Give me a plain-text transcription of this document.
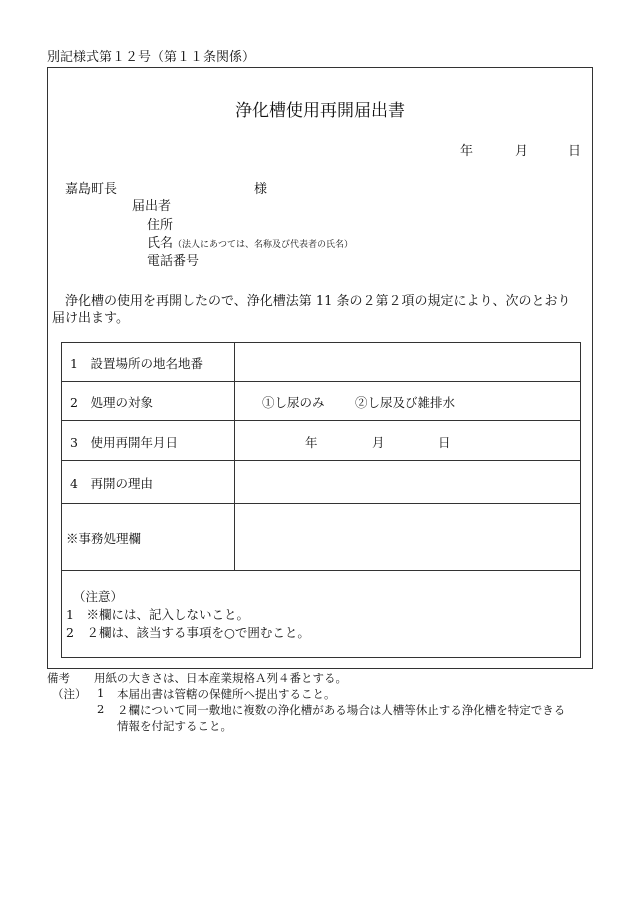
別記様式第１２号（第１１条関係）
浄化槽使用再開届出書
年	月	日
嘉島町長	様
届出者
住所
氏名（法人にあつては、名称及び代表者の氏名）
電話番号
浄化槽の使用を再開したので、浄化槽法第 11 条の２第２項の規定により、次のとおり
届け出ます。
1　設置場所の地名地番
2　処理の対象	①し尿のみ ②し尿及び雑排水
3　使用再開年月日	年	月	日
4　再開の理由
※事務処理欄
（注意）
1　※欄には、記入しないこと。
2　２欄は、該当する事項を○で囲むこと。
備考 用紙の大きさは、日本産業規格Ａ列４番とする。
（注） 1 本届出書は管轄の保健所へ提出すること。
2 ２欄について同一敷地に複数の浄化槽がある場合は人槽等休止する浄化槽を特定できる
情報を付記すること。
